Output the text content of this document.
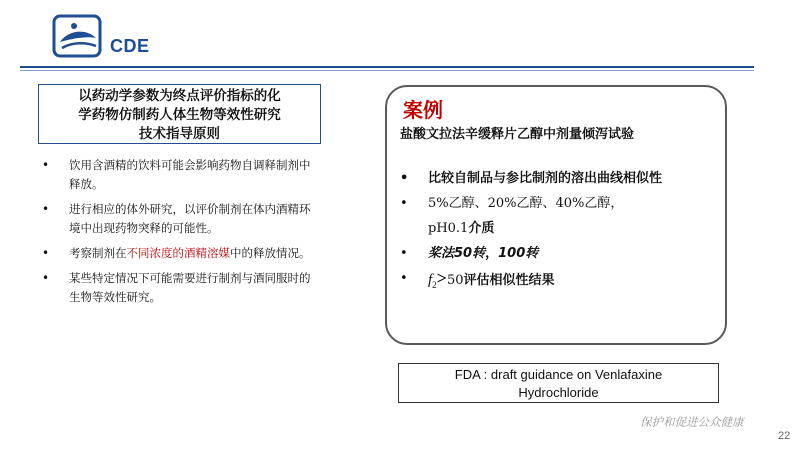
CDE
以药动学参数为终点评价指标的化
学药物仿制药人体生物等效性研究
技术指导原则
• 饮用含酒精的饮料可能会影响药物自调释制剂中释放。
• 进行相应的体外研究，以评价制剂在体内酒精环境中出现药物突释的可能性。
• 考察制剂在不同浓度的酒精溶媒中的释放情况。
• 某些特定情况下可能需要进行制剂与酒同服时的生物等效性研究。
案例
盐酸文拉法辛缓释片乙醇中剂量倾泻试验
• 比较自制品与参比制剂的溶出曲线相似性
• 5%乙醇、20%乙醇、40%乙醇，
pH0.1介质
• 桨法50转，100转
• $f_2>50$评估相似性结果
FDA : draft guidance on Venlafaxine
Hydrochloride
保护和促进公众健康
22
